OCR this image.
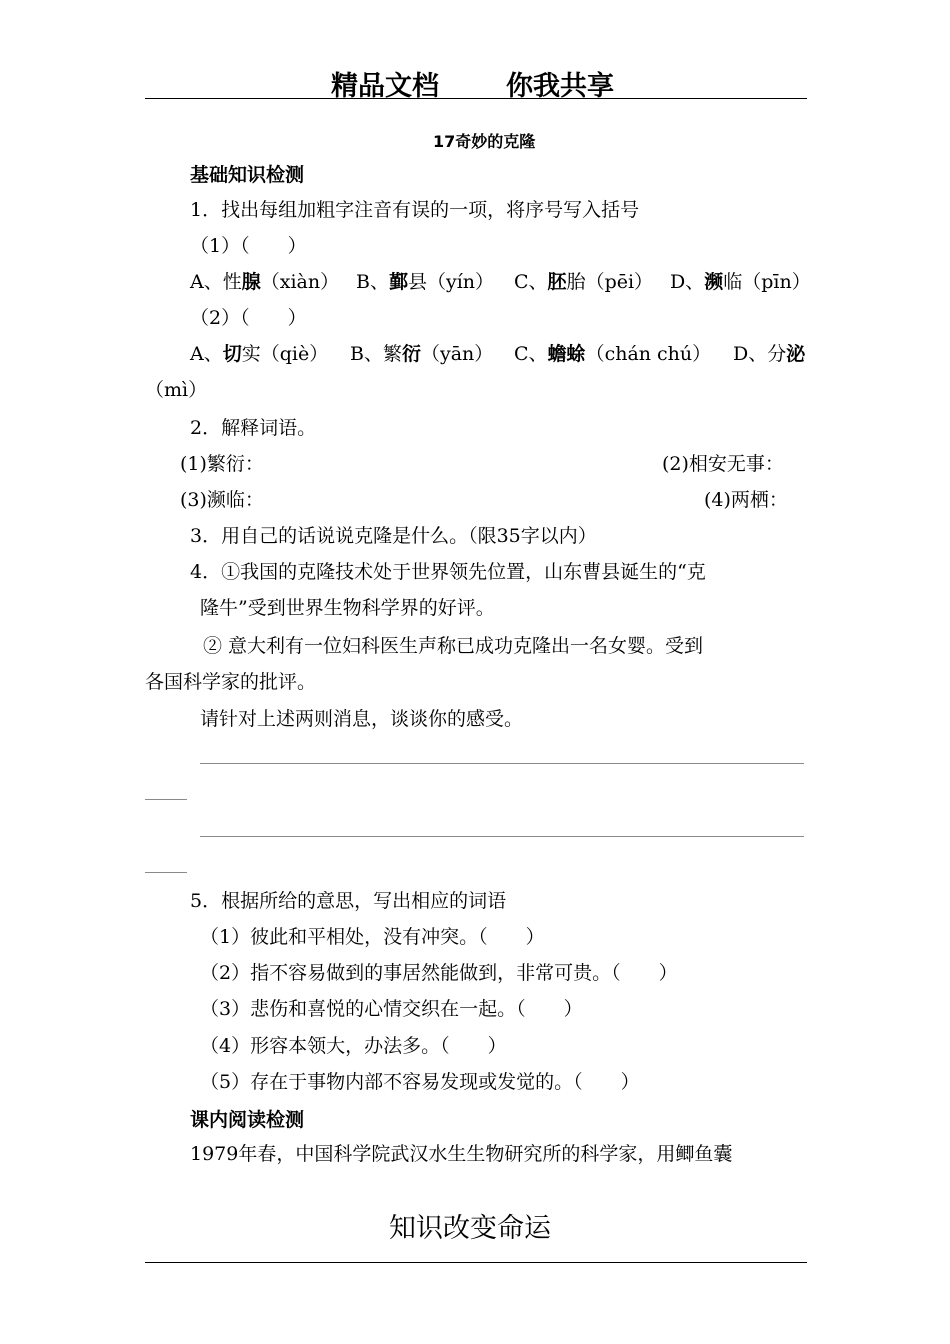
精品文档 你我共享
17奇妙的克隆
基础知识检测
1．找出每组加粗字注音有误的一项，将序号写入括号
（1）（　　）
A、性腺（xiàn） B、鄞县（yín） C、胚胎（pēi） D、濒临（pīn）
（2）（　　）
A、切实（qiè） B、繁衍（yān） C、蟾蜍（chán chú） D、分泌
（mì）
2．解释词语。
(1)繁衍：	(2)相安无事：
(3)濒临：	(4)两栖：
3．用自己的话说说克隆是什么。（限35字以内）
4．①我国的克隆技术处于世界领先位置，山东曹县诞生的“克
隆牛”受到世界生物科学界的好评。
② 意大利有一位妇科医生声称已成功克隆出一名女婴。受到
各国科学家的批评。
请针对上述两则消息，谈谈你的感受。
5．根据所给的意思，写出相应的词语
（1）彼此和平相处，没有冲突。（　　）
（2）指不容易做到的事居然能做到，非常可贵。（　　）
（3）悲伤和喜悦的心情交织在一起。（　　）
（4）形容本领大，办法多。（　　）
（5）存在于事物内部不容易发现或发觉的。（　　）
课内阅读检测
1979年春，中国科学院武汉水生生物研究所的科学家，用鲫鱼囊
知识改变命运
